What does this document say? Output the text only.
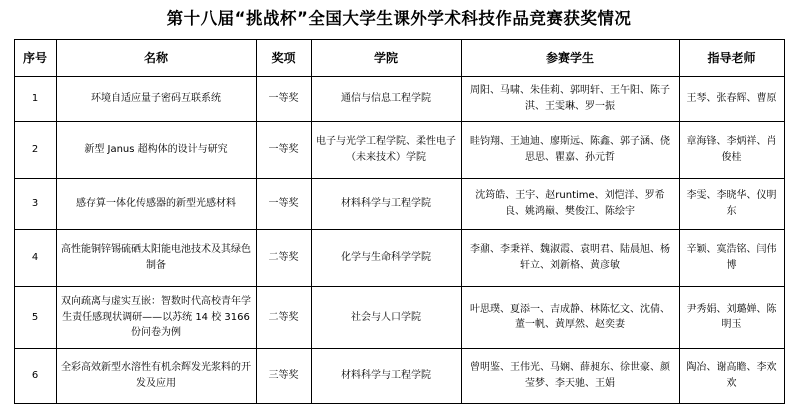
第十八届“挑战杯”全国大学生课外学术科技作品竞赛获奖情况
序号	名称	奖项	学院	参赛学生	指导老师
1	环境自适应量子密码互联系统	一等奖	通信与信息工程学院	周阳、马啸、朱佳莉、郭明轩、王午阳、陈子淇、王雯琳、罗一振	王琴、张春辉、曹原
2	新型 Janus 超构体的设计与研究	一等奖	电子与光学工程学院、柔性电子（未来技术）学院	眭钧翔、王迪迪、廖斯远、陈鑫、郭子涵、侥思思、瞿嘉、孙元哲	章海锋、李炳祥、肖俊桂
3	感存算一体化传感器的新型光感材料	一等奖	材料科学与工程学院	沈筠皓、王宇、赵runtime、刘恺洋、罗希良、姚鸿巅、樊俊江、陈绘宇	李雯、李晓华、仪明东
4	高性能铜锌锡硫硒太阳能电池技术及其绿色制备	二等奖	化学与生命科学学院	李鼐、李秉祥、魏淑霞、袁明君、陆晨旭、杨轩立、刘新格、黄彦敏	辛颖、寞浩铭、闫伟博
5	双向疏离与虚实互嵌：智数时代高校青年学生责任感现状调研——以苏统 14 校 3166 份问卷为例	二等奖	社会与人口学院	叶思璞、夏添一、吉成静、林陈忆文、沈倩、董一帆、黄厚然、赵奕妻	尹秀娟、刘璐婵、陈明玉
6	全彩高效新型水溶性有机余辉发光浆料的开发及应用	三等奖	材料科学与工程学院	曾明鉴、王伟光、马娴、薛昶东、徐世豪、颜莹梦、李天驰、王娟	陶冶、谢高瞻、李欢欢
